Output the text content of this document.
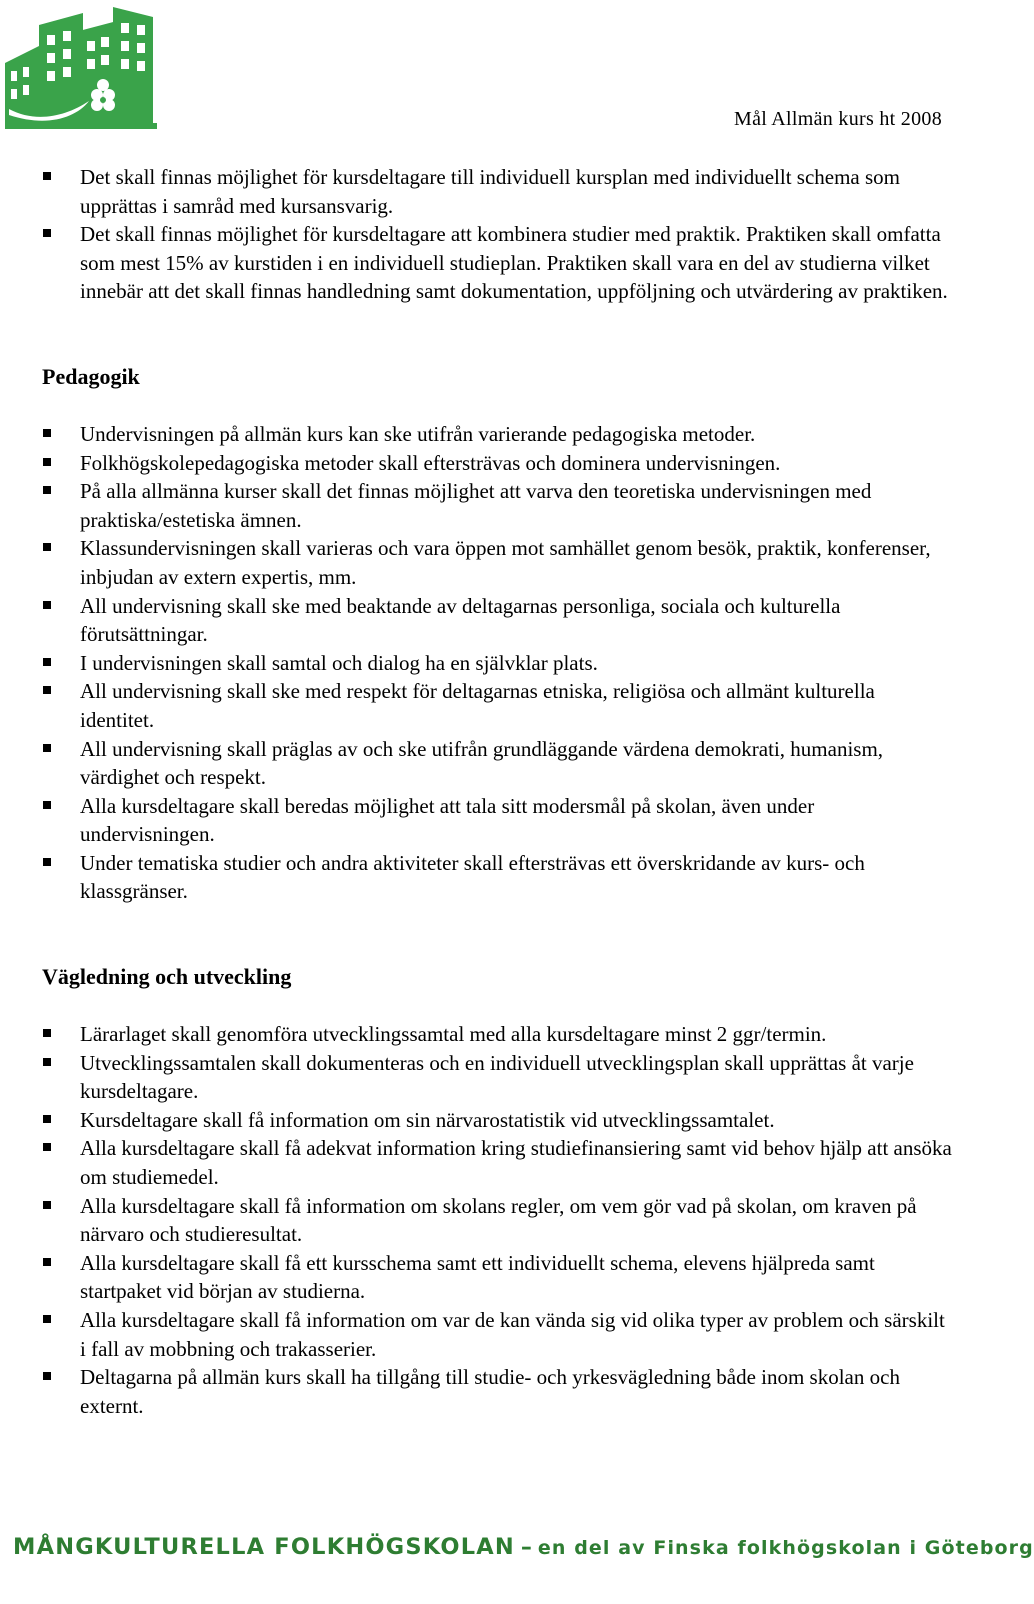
Mål Allmän kurs ht 2008
Det skall finnas möjlighet för kursdeltagare till individuell kursplan med individuellt schema som upprättas i samråd med kursansvarig.
Det skall finnas möjlighet för kursdeltagare att kombinera studier med praktik. Praktiken skall omfatta som mest 15% av kurstiden i en individuell studieplan. Praktiken skall vara en del av studierna vilket innebär att det skall finnas handledning samt dokumentation, uppföljning och utvärdering av praktiken.
Pedagogik
Undervisningen på allmän kurs kan ske utifrån varierande pedagogiska metoder.
Folkhögskolepedagogiska metoder skall eftersträvas och dominera undervisningen.
På alla allmänna kurser skall det finnas möjlighet att varva den teoretiska undervisningen med praktiska/estetiska ämnen.
Klassundervisningen skall varieras och vara öppen mot samhället genom besök, praktik, konferenser, inbjudan av extern expertis, mm.
All undervisning skall ske med beaktande av deltagarnas personliga, sociala och kulturella förutsättningar.
I undervisningen skall samtal och dialog ha en självklar plats.
All undervisning skall ske med respekt för deltagarnas etniska, religiösa och allmänt kulturella identitet.
All undervisning skall präglas av och ske utifrån grundläggande värdena demokrati, humanism, värdighet och respekt.
Alla kursdeltagare skall beredas möjlighet att tala sitt modersmål på skolan, även under undervisningen.
Under tematiska studier och andra aktiviteter skall eftersträvas ett överskridande av kurs- och klassgränser.
Vägledning och utveckling
Lärarlaget skall genomföra utvecklingssamtal med alla kursdeltagare minst 2 ggr/termin.
Utvecklingssamtalen skall dokumenteras och en individuell utvecklingsplan skall upprättas åt varje kursdeltagare.
Kursdeltagare skall få information om sin närvarostatistik vid utvecklingssamtalet.
Alla kursdeltagare skall få adekvat information kring studiefinansiering samt vid behov hjälp att ansöka om studiemedel.
Alla kursdeltagare skall få information om skolans regler, om vem gör vad på skolan, om kraven på närvaro och studieresultat.
Alla kursdeltagare skall få ett kursschema samt ett individuellt schema, elevens hjälpreda samt startpaket vid början av studierna.
Alla kursdeltagare skall få information om var de kan vända sig vid olika typer av problem och särskilt i fall av mobbning och trakasserier.
Deltagarna på allmän kurs skall ha tillgång till studie- och yrkesvägledning både inom skolan och externt.
MÅNGKULTURELLA FOLKHÖGSKOLAN – en del av Finska folkhögskolan i Göteborg
